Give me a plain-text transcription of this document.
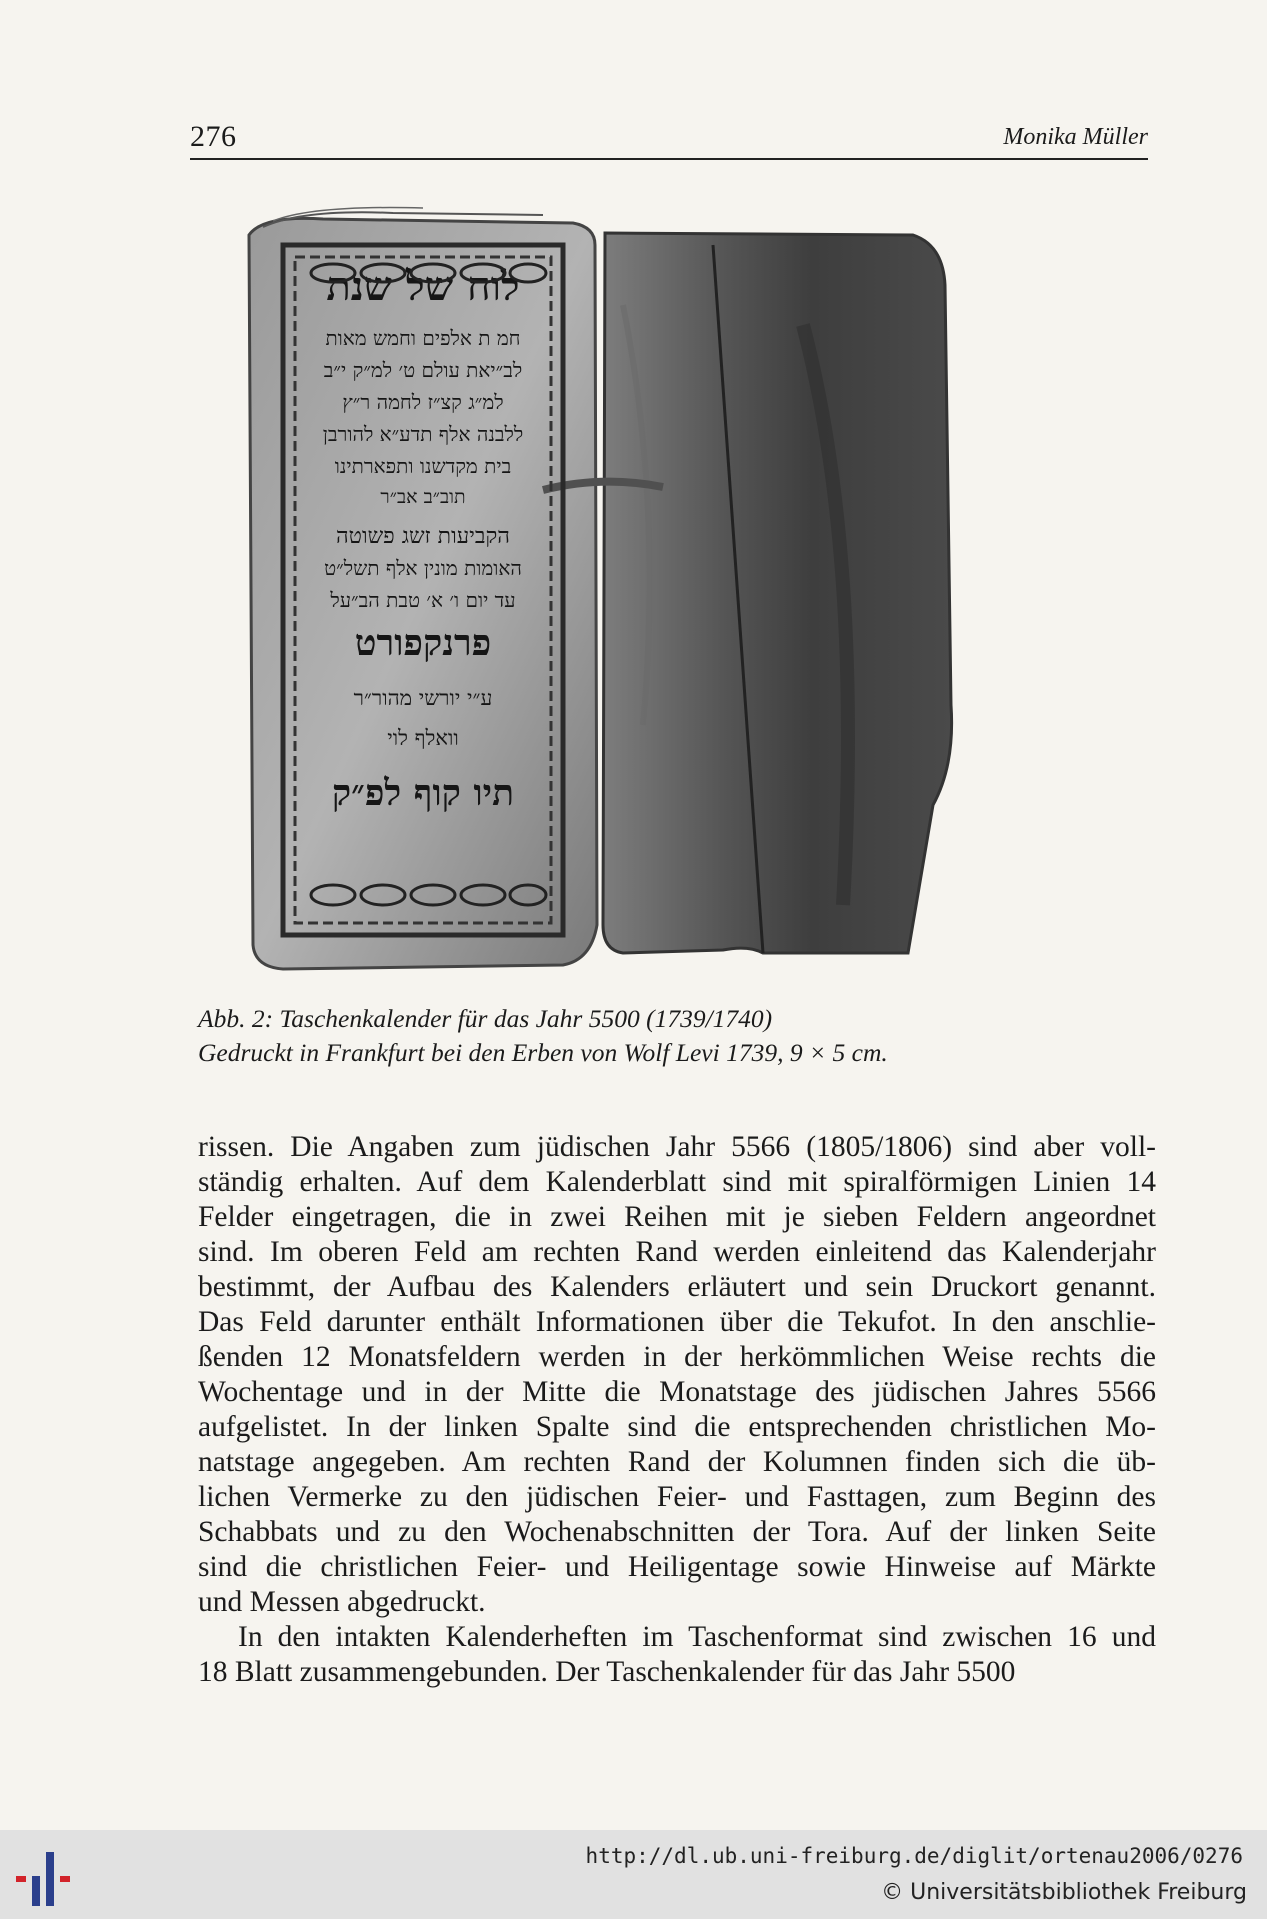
276	Monika Müller
לוח של שנת
חמ ת אלפים וחמש מאות
לב״יאת עולם ט׳ למ״ק י״ב
למ״ג קצ״ז לחמה ר״ץ
ללבנה אלף תדע״א להורבן
בית מקדשנו ותפארתינו
תוב״ב אב״ר
הקביעות זשג פשוטה
האומות מונין אלף תשל״ט
עד יום ו׳ א׳ טבת הב״על
פרנקפורט
ע״י יורשי מהור״ר
וואלף לוי
תיו קוף לפ״ק
Abb. 2: Taschenkalender für das Jahr 5500 (1739/1740)
Gedruckt in Frankfurt bei den Erben von Wolf Levi 1739, 9 × 5 cm.
rissen. Die Angaben zum jüdischen Jahr 5566 (1805/1806) sind aber voll-
ständig erhalten. Auf dem Kalenderblatt sind mit spiralförmigen Linien 14
Felder eingetragen, die in zwei Reihen mit je sieben Feldern angeordnet
sind. Im oberen Feld am rechten Rand werden einleitend das Kalenderjahr
bestimmt, der Aufbau des Kalenders erläutert und sein Druckort genannt.
Das Feld darunter enthält Informationen über die Tekufot. In den anschlie-
ßenden 12 Monatsfeldern werden in der herkömmlichen Weise rechts die
Wochentage und in der Mitte die Monatstage des jüdischen Jahres 5566
aufgelistet. In der linken Spalte sind die entsprechenden christlichen Mo-
natstage angegeben. Am rechten Rand der Kolumnen finden sich die üb-
lichen Vermerke zu den jüdischen Feier- und Fasttagen, zum Beginn des
Schabbats und zu den Wochenabschnitten der Tora. Auf der linken Seite
sind die christlichen Feier- und Heiligentage sowie Hinweise auf Märkte
und Messen abgedruckt.
In den intakten Kalenderheften im Taschenformat sind zwischen 16 und
18 Blatt zusammengebunden. Der Taschenkalender für das Jahr 5500
http://dl.ub.uni-freiburg.de/diglit/ortenau2006/0276
© Universitätsbibliothek Freiburg
